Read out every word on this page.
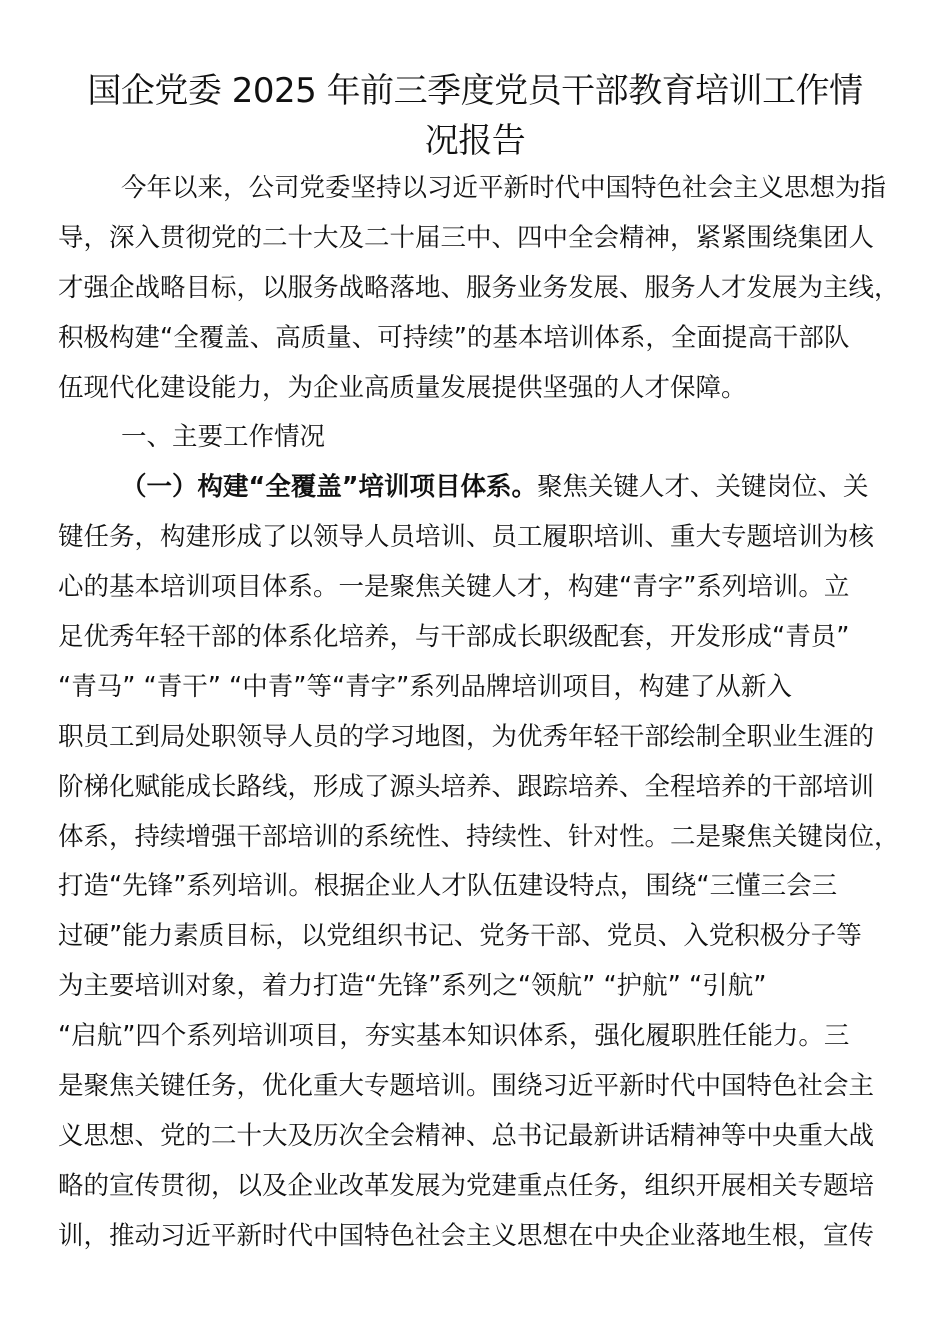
国企党委 2025 年前三季度党员干部教育培训工作情
况报告
今年以来，公司党委坚持以习近平新时代中国特色社会主义思想为指
导，深入贯彻党的二十大及二十届三中、四中全会精神，紧紧围绕集团人
才强企战略目标，以服务战略落地、服务业务发展、服务人才发展为主线，
积极构建“全覆盖、高质量、可持续”的基本培训体系，全面提高干部队
伍现代化建设能力，为企业高质量发展提供坚强的人才保障。
一、主要工作情况
（一）构建“全覆盖”培训项目体系。聚焦关键人才、关键岗位、关
键任务，构建形成了以领导人员培训、员工履职培训、重大专题培训为核
心的基本培训项目体系。一是聚焦关键人才，构建“青字”系列培训。立
足优秀年轻干部的体系化培养，与干部成长职级配套，开发形成“青员”
“青马” “青干” “中青”等“青字”系列品牌培训项目，构建了从新入
职员工到局处职领导人员的学习地图，为优秀年轻干部绘制全职业生涯的
阶梯化赋能成长路线，形成了源头培养、跟踪培养、全程培养的干部培训
体系，持续增强干部培训的系统性、持续性、针对性。二是聚焦关键岗位，
打造“先锋”系列培训。根据企业人才队伍建设特点，围绕“三懂三会三
过硬”能力素质目标，以党组织书记、党务干部、党员、入党积极分子等
为主要培训对象，着力打造“先锋”系列之“领航” “护航” “引航”
“启航”四个系列培训项目，夯实基本知识体系，强化履职胜任能力。三
是聚焦关键任务，优化重大专题培训。围绕习近平新时代中国特色社会主
义思想、党的二十大及历次全会精神、总书记最新讲话精神等中央重大战
略的宣传贯彻，以及企业改革发展为党建重点任务，组织开展相关专题培
训，推动习近平新时代中国特色社会主义思想在中央企业落地生根，宣传
